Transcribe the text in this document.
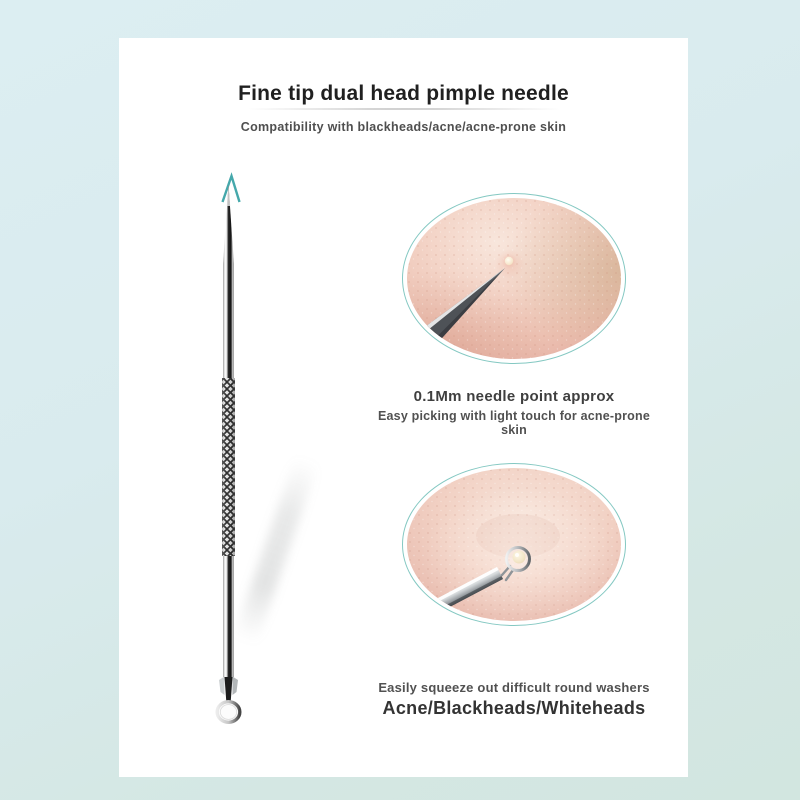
Fine tip dual head pimple needle
Compatibility with blackheads/acne/acne-prone skin
0.1Mm needle point approx
Easy picking with light touch for acne-prone skin
Easily squeeze out difficult round washers
Acne/Blackheads/Whiteheads
